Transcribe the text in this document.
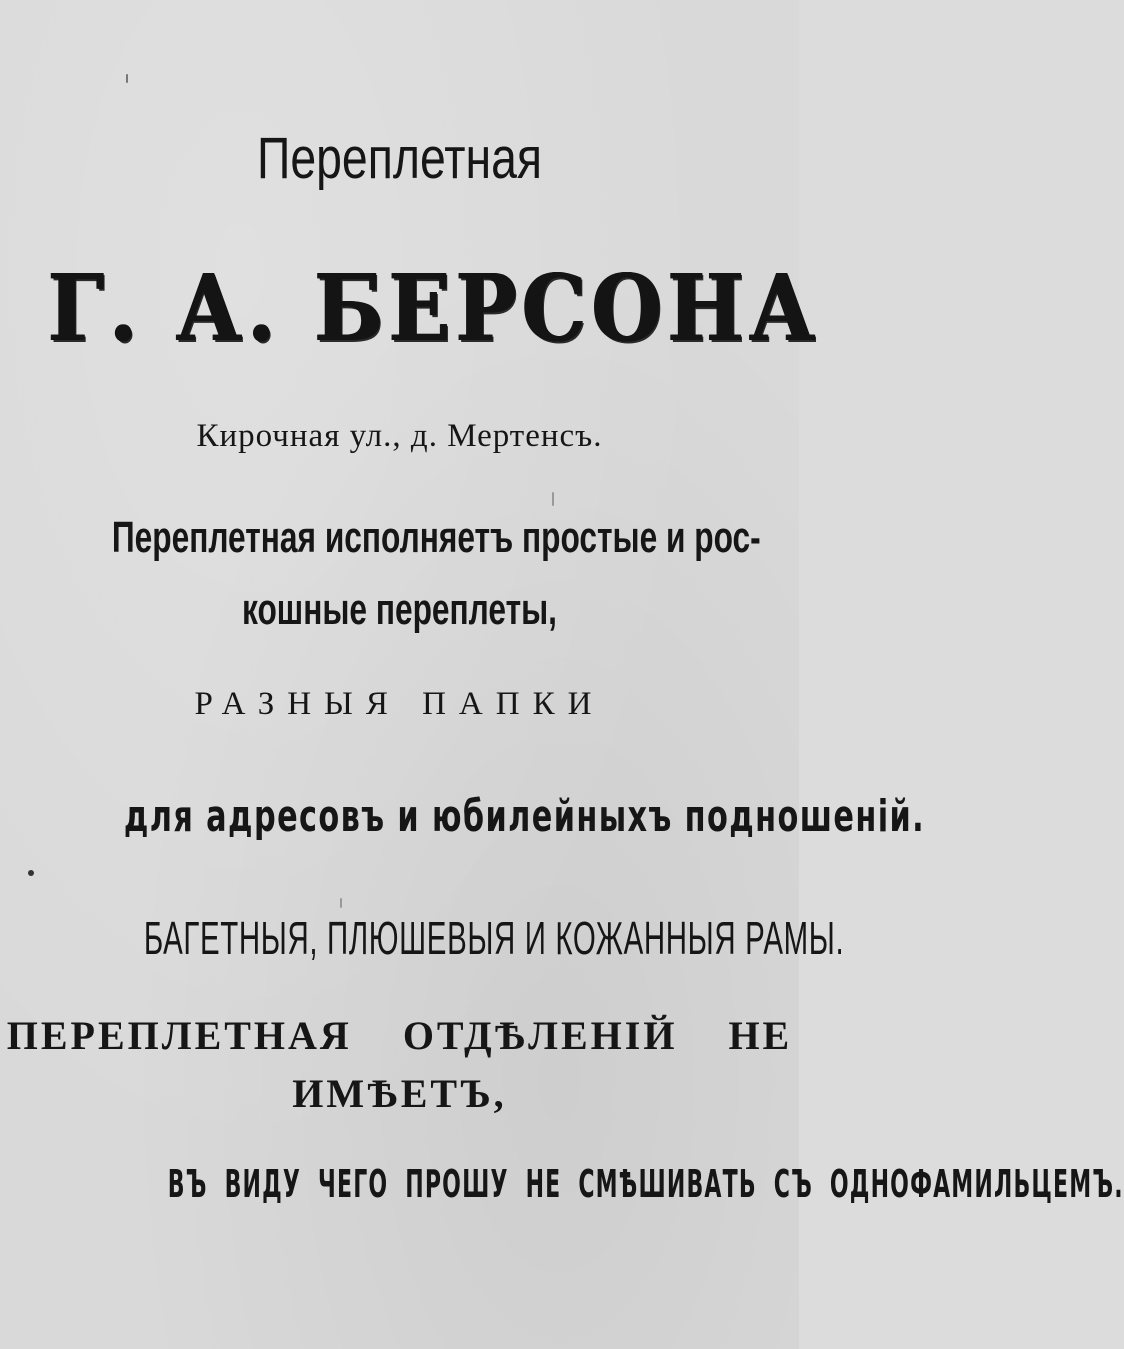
Переплетная
Г. А. БЕРСОНА
Кирочная ул., д. Мертенсъ.
Переплетная исполняетъ простые и рос-
кошные переплеты,
РАЗНЫЯ ПАПКИ
для адресовъ и юбилейныхъ подношенiй.
БАГЕТНЫЯ, ПЛЮШЕВЫЯ И КОЖАННЫЯ РАМЫ.
ПЕРЕПЛЕТНАЯ ОТДѢЛЕНIЙ НЕ
ИМѢЕТЪ,
ВЪ ВИДУ ЧЕГО ПРОШУ НЕ СМѢШИВАТЬ СЪ ОДНОФАМИЛЬЦЕМЪ.
